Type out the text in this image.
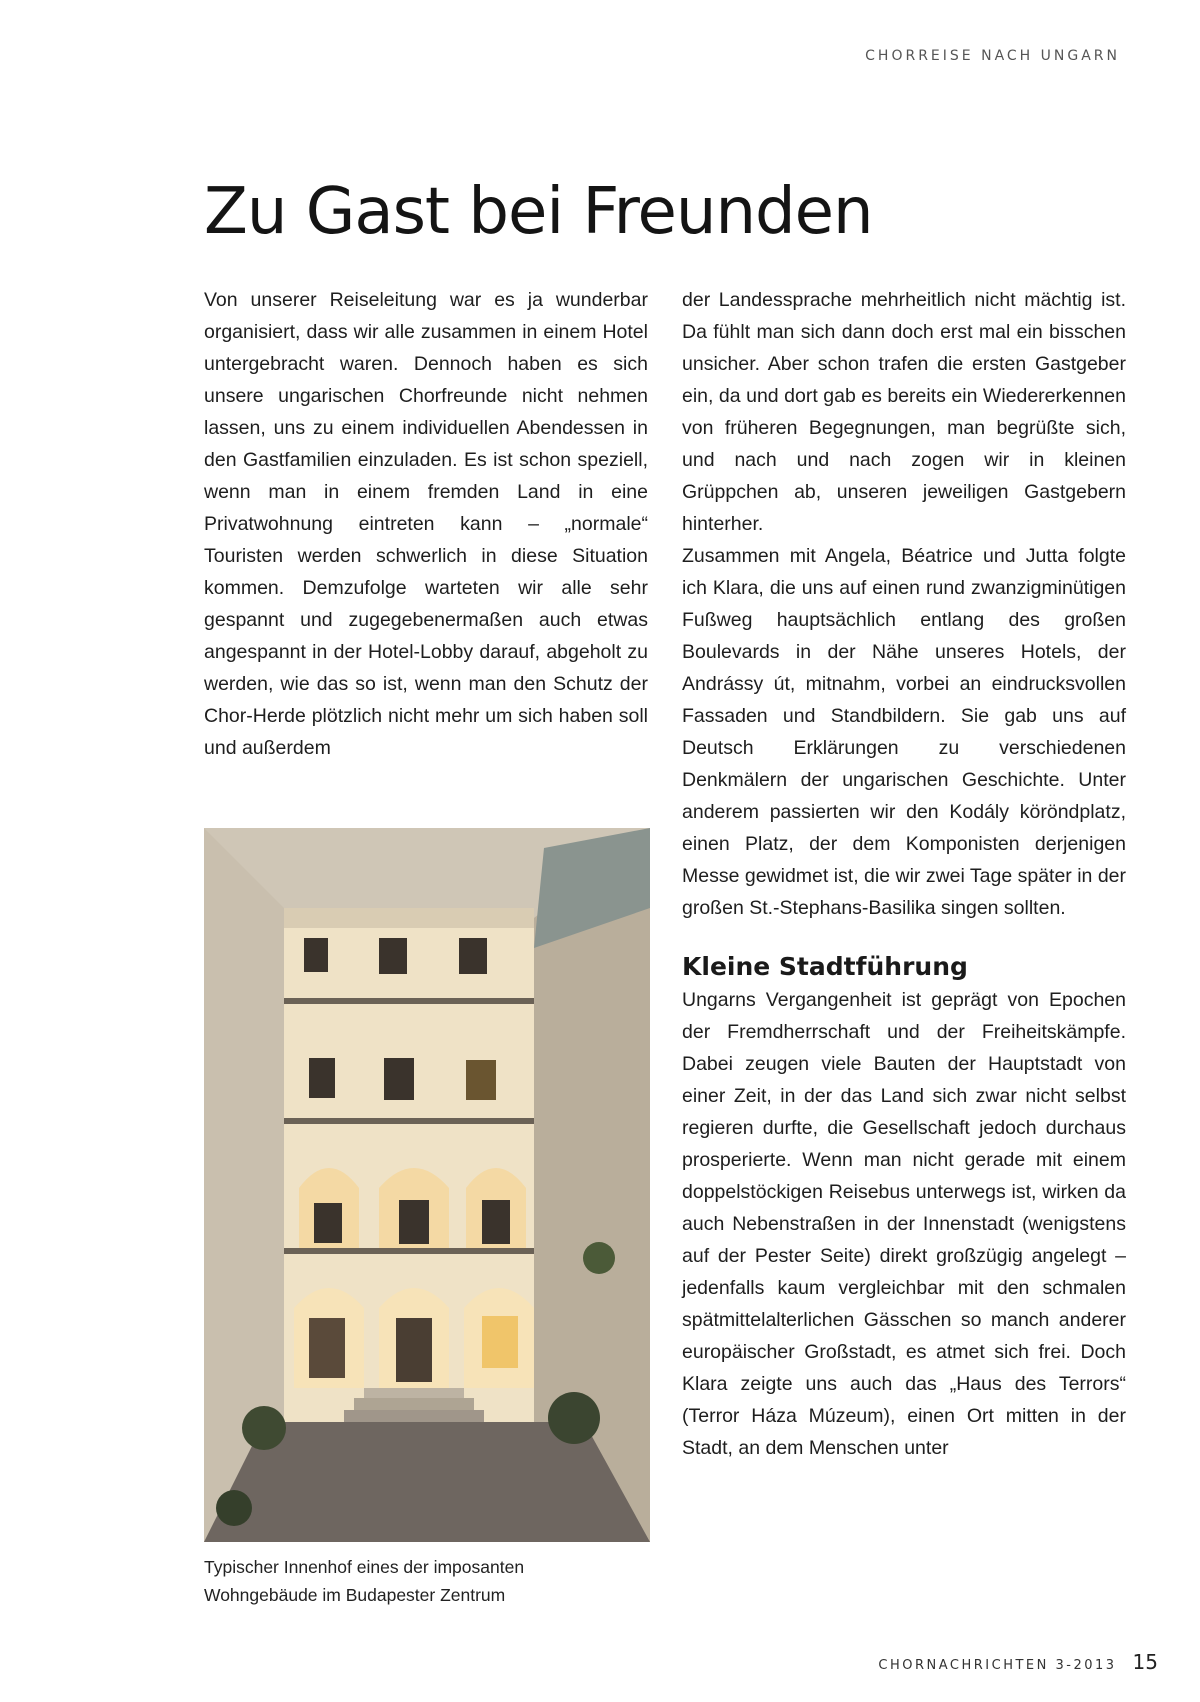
CHORREISE NACH UNGARN
Zu Gast bei Freunden

Von unserer Reiseleitung war es ja wunderbar organisiert, dass wir alle zusammen in einem Hotel untergebracht waren. Dennoch haben es sich unsere ungarischen Chorfreunde nicht nehmen lassen, uns zu einem individuellen Abendessen in den Gastfamilien einzuladen. Es ist schon speziell, wenn man in einem fremden Land in eine Privatwohnung eintreten kann – „normale“ Touristen werden schwerlich in diese Situation kommen. Demzufolge warteten wir alle sehr gespannt und zugegebenermaßen auch etwas angespannt in der Hotel-Lobby darauf, abgeholt zu werden, wie das so ist, wenn man den Schutz der Chor-Herde plötzlich nicht mehr um sich haben soll und außerdem

Typischer Innenhof eines der imposanten
Wohngebäude im Budapester Zentrum

der Landessprache mehrheitlich nicht mächtig ist. Da fühlt man sich dann doch erst mal ein bisschen unsicher. Aber schon trafen die ersten Gastgeber ein, da und dort gab es bereits ein Wiedererkennen von früheren Begegnungen, man begrüßte sich, und nach und nach zogen wir in kleinen Grüppchen ab, unseren jeweiligen Gastgebern hinterher.

Zusammen mit Angela, Béatrice und Jutta folgte ich Klara, die uns auf einen rund zwanzigminütigen Fußweg hauptsächlich entlang des großen Boulevards in der Nähe unseres Hotels, der Andrássy út, mitnahm, vorbei an eindrucksvollen Fassaden und Standbildern. Sie gab uns auf Deutsch Erklärungen zu verschiedenen Denkmälern der ungarischen Geschichte. Unter anderem passierten wir den Kodály köröndplatz, einen Platz, der dem Komponisten derjenigen Messe gewidmet ist, die wir zwei Tage später in der großen St.-Stephans-Basilika singen sollten.

Kleine Stadtführung

Ungarns Vergangenheit ist geprägt von Epochen der Fremdherrschaft und der Freiheitskämpfe. Dabei zeugen viele Bauten der Hauptstadt von einer Zeit, in der das Land sich zwar nicht selbst regieren durfte, die Gesellschaft jedoch durchaus prosperierte. Wenn man nicht gerade mit einem doppelstöckigen Reisebus unterwegs ist, wirken da auch Nebenstraßen in der Innenstadt (wenigstens auf der Pester Seite) direkt großzügig angelegt – jedenfalls kaum vergleichbar mit den schmalen spätmittelalterlichen Gässchen so manch anderer europäischer Großstadt, es atmet sich frei. Doch Klara zeigte uns auch das „Haus des Terrors“ (Terror Háza Múzeum), einen Ort mitten in der Stadt, an dem Menschen unter

CHORNACHRICHTEN 3-2013 15
